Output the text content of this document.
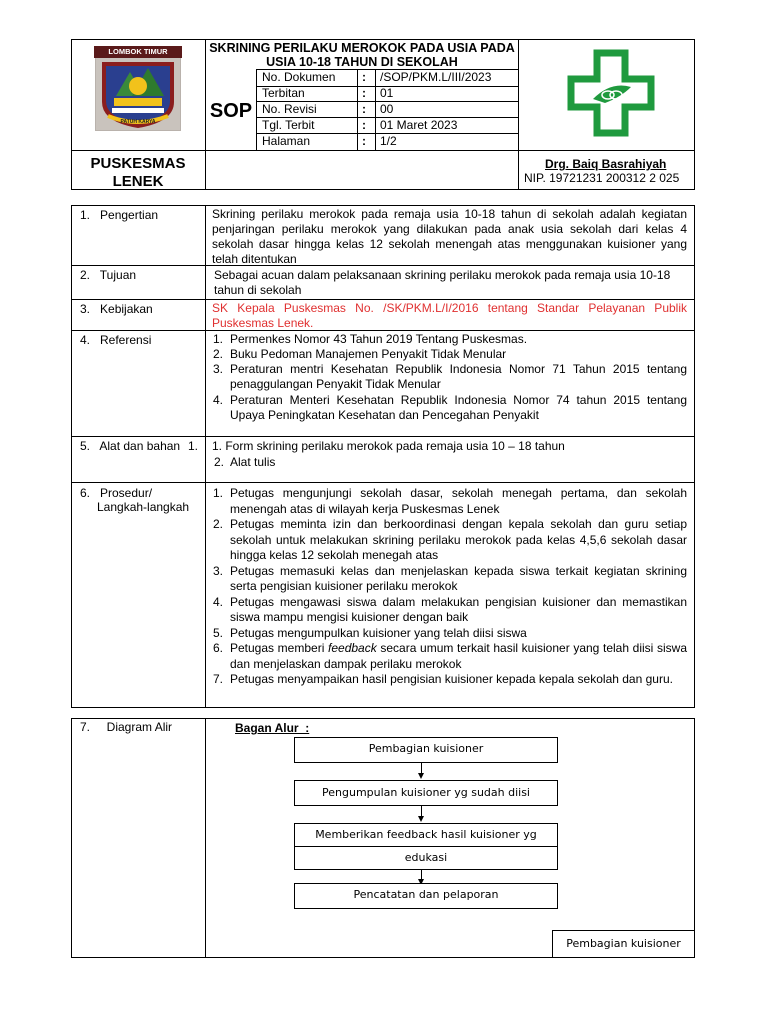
LOMBOK TIMUR
PATUH KARYA
SKRINING PERILAKU MEROKOK PADA USIA PADA USIA 10-18 TAHUN DI SEKOLAH
SOP
No. Dokumen : /SOP/PKM.L/III/2023
Terbitan	: 01
No. Revisi	: 00
Tgl. Terbit	: 01 Maret 2023
Halaman	: 1/2
PUSKESMAS
LENEK
Drg. Baiq Basrahiyah
NIP. 19721231 200312 2 025
1.   Pengertian	Skrining perilaku merokok pada remaja usia 10-18 tahun di sekolah adalah kegiatan penjaringan perilaku merokok yang dilakukan pada anak usia sekolah dari kelas 4 sekolah dasar hingga kelas 12 sekolah menengah atas menggunakan kuisioner yang telah ditentukan
2.   Tujuan	Sebagai acuan dalam pelaksanaan skrining perilaku merokok pada remaja usia 10-18 tahun di sekolah
3.   Kebijakan	SK Kepala Puskesmas No. /SK/PKM.L/I/2016 tentang Standar Pelayanan Publik Puskesmas Lenek.
4.   Referensi	1. Permenkes Nomor 43 Tahun 2019 Tentang Puskesmas.
2. Buku Pedoman Manajemen Penyakit Tidak Menular
3. Peraturan mentri Kesehatan Republik Indonesia Nomor 71 Tahun 2015 tentang penaggulangan Penyakit Tidak Menular
4. Peraturan Menteri Kesehatan Republik Indonesia Nomor 74 tahun 2015 tentang Upaya Peningkatan Kesehatan dan Pencegahan Penyakit
5.   Alat dan bahan 1. 1. Form skrining perilaku merokok pada remaja usia 10 – 18 tahun
2.  Alat tulis
6.   Prosedur/
Langkah-langkah
1. Petugas mengunjungi sekolah dasar, sekolah menegah pertama, dan sekolah menengah atas di wilayah kerja Puskesmas Lenek
2. Petugas meminta izin dan berkoordinasi dengan kepala sekolah dan guru setiap sekolah untuk melakukan skrining perilaku merokok pada kelas 4,5,6 sekolah dasar hingga kelas 12 sekolah menegah atas
3. Petugas memasuki kelas dan menjelaskan kepada siswa terkait kegiatan skrining serta pengisian kuisioner perilaku merokok
4. Petugas mengawasi siswa dalam melakukan pengisian kuisioner dan memastikan siswa mampu mengisi kuisioner dengan baik
5. Petugas mengumpulkan kuisioner yang telah diisi siswa
6. Petugas memberi feedback secara umum terkait hasil kuisioner yang telah diisi siswa dan menjelaskan dampak perilaku merokok
7. Petugas menyampaikan hasil pengisian kuisioner kepada kepala sekolah dan guru.
7.     Diagram Alir	Bagan Alur  :
Pembagian kuisioner
Pengumpulan kuisioner yg sudah diisi
Memberikan feedback hasil kuisioner yg
edukasi
Pencatatan dan pelaporan
Pembagian kuisioner
